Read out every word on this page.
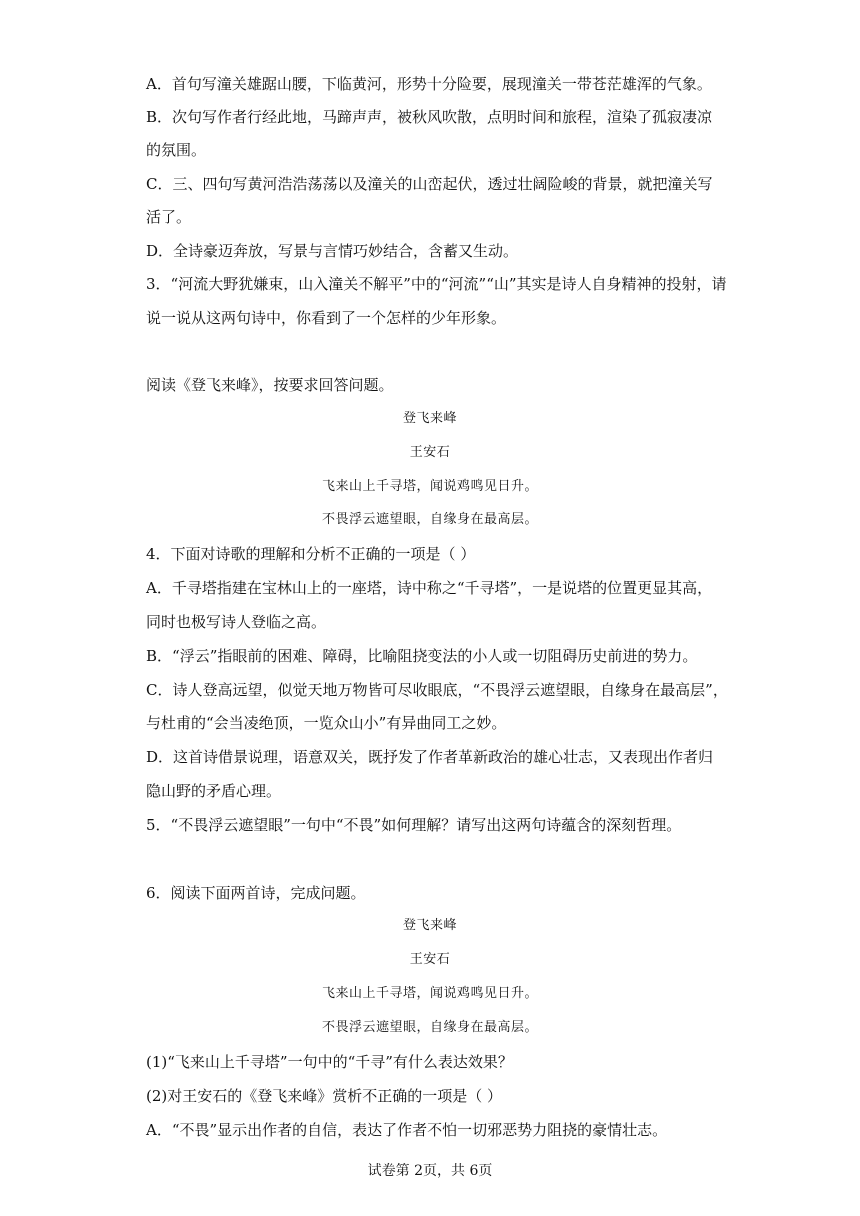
A．首句写潼关雄踞山腰，下临黄河，形势十分险要，展现潼关一带苍茫雄浑的气象。
B．次句写作者行经此地，马蹄声声，被秋风吹散，点明时间和旅程，渲染了孤寂凄凉
的氛围。
C．三、四句写黄河浩浩荡荡以及潼关的山峦起伏，透过壮阔险峻的背景，就把潼关写
活了。
D．全诗豪迈奔放，写景与言情巧妙结合，含蓄又生动。
3．“河流大野犹嫌束，山入潼关不解平”中的“河流”“山”其实是诗人自身精神的投射，请
说一说从这两句诗中，你看到了一个怎样的少年形象。
阅读《登飞来峰》，按要求回答问题。
登飞来峰
王安石
飞来山上千寻塔，闻说鸡鸣见日升。
不畏浮云遮望眼，自缘身在最高层。
4．下面对诗歌的理解和分析不正确的一项是（ ）
A．千寻塔指建在宝林山上的一座塔，诗中称之“千寻塔”，一是说塔的位置更显其高，
同时也极写诗人登临之高。
B．“浮云”指眼前的困难、障碍，比喻阻挠变法的小人或一切阻碍历史前进的势力。
C．诗人登高远望，似觉天地万物皆可尽收眼底，“不畏浮云遮望眼，自缘身在最高层”，
与杜甫的“会当凌绝顶，一览众山小”有异曲同工之妙。
D．这首诗借景说理，语意双关，既抒发了作者革新政治的雄心壮志，又表现出作者归
隐山野的矛盾心理。
5．“不畏浮云遮望眼”一句中“不畏”如何理解？请写出这两句诗蕴含的深刻哲理。
6．阅读下面两首诗，完成问题。
登飞来峰
王安石
飞来山上千寻塔，闻说鸡鸣见日升。
不畏浮云遮望眼，自缘身在最高层。
(1)“飞来山上千寻塔”一句中的“千寻”有什么表达效果？
(2)对王安石的《登飞来峰》赏析不正确的一项是（ ）
A．“不畏”显示出作者的自信，表达了作者不怕一切邪恶势力阻挠的豪情壮志。
试卷第 2页，共 6页
